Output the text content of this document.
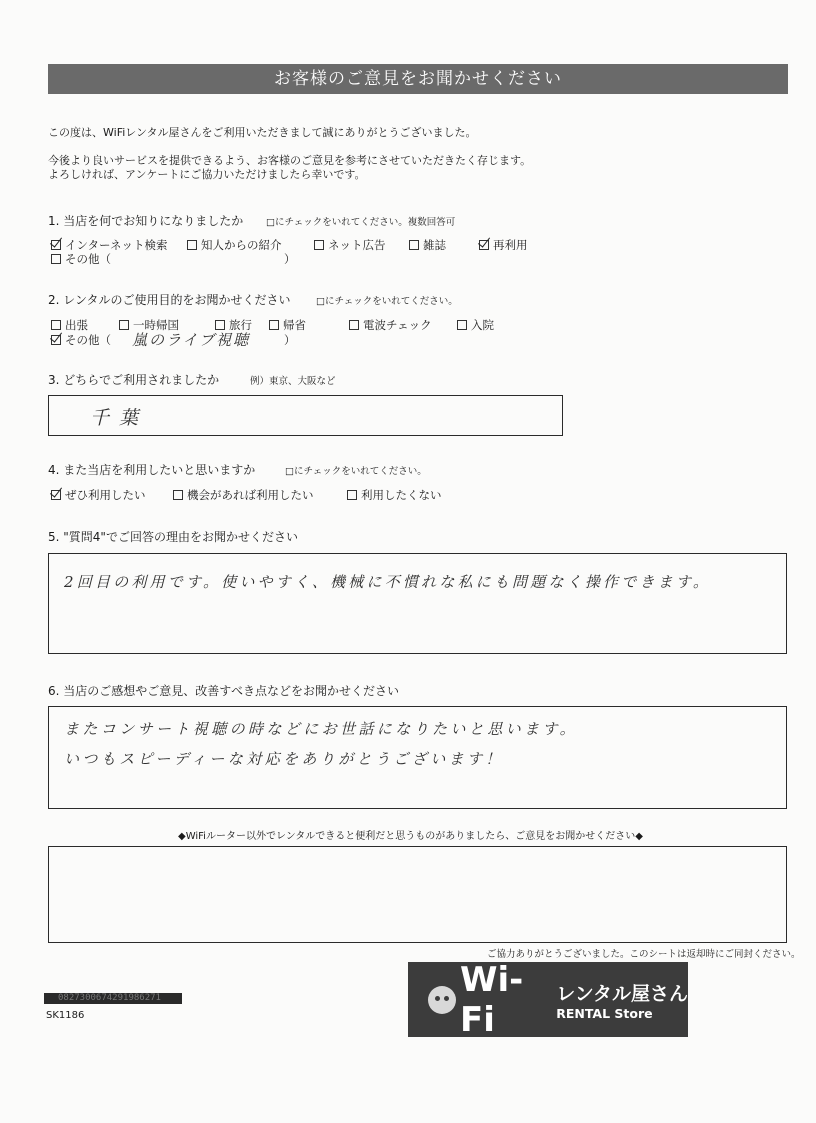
お客様のご意見をお聞かせください
この度は、WiFiレンタル屋さんをご利用いただきまして誠にありがとうございました。
今後より良いサービスを提供できるよう、お客様のご意見を参考にさせていただきたく存じます。
よろしければ、アンケートにご協力いただけましたら幸いです。
1. 当店を何でお知りになりましたか □にチェックをいれてください。複数回答可
インターネット検索	知人からの紹介	ネット広告	雑誌	再利用
その他（	）
2. レンタルのご使用目的をお聞かせください	□にチェックをいれてください。
出張	一時帰国	旅行	帰省	電波チェック	入院
その他（ 嵐のライブ視聴	）
3. どちらでご利用されましたか	例）東京、大阪など
千葉
4. また当店を利用したいと思いますか	□にチェックをいれてください。
ぜひ利用したい	機会があれば利用したい	利用したくない
5. "質問4"でご回答の理由をお聞かせください
2回目の利用です。使いやすく、機械に不慣れな私にも問題なく操作できます。
6. 当店のご感想やご意見、改善すべき点などをお聞かせください
またコンサート視聴の時などにお世話になりたいと思います。
いつもスピーディーな対応をありがとうございます！
◆WiFiルーター以外でレンタルできると便利だと思うものがありましたら、ご意見をお聞かせください◆
ご協力ありがとうございました。このシートは返却時にご同封ください。
0827300674291986271
SK1186
Wi-Fi
レンタル屋さん
RENTAL Store
